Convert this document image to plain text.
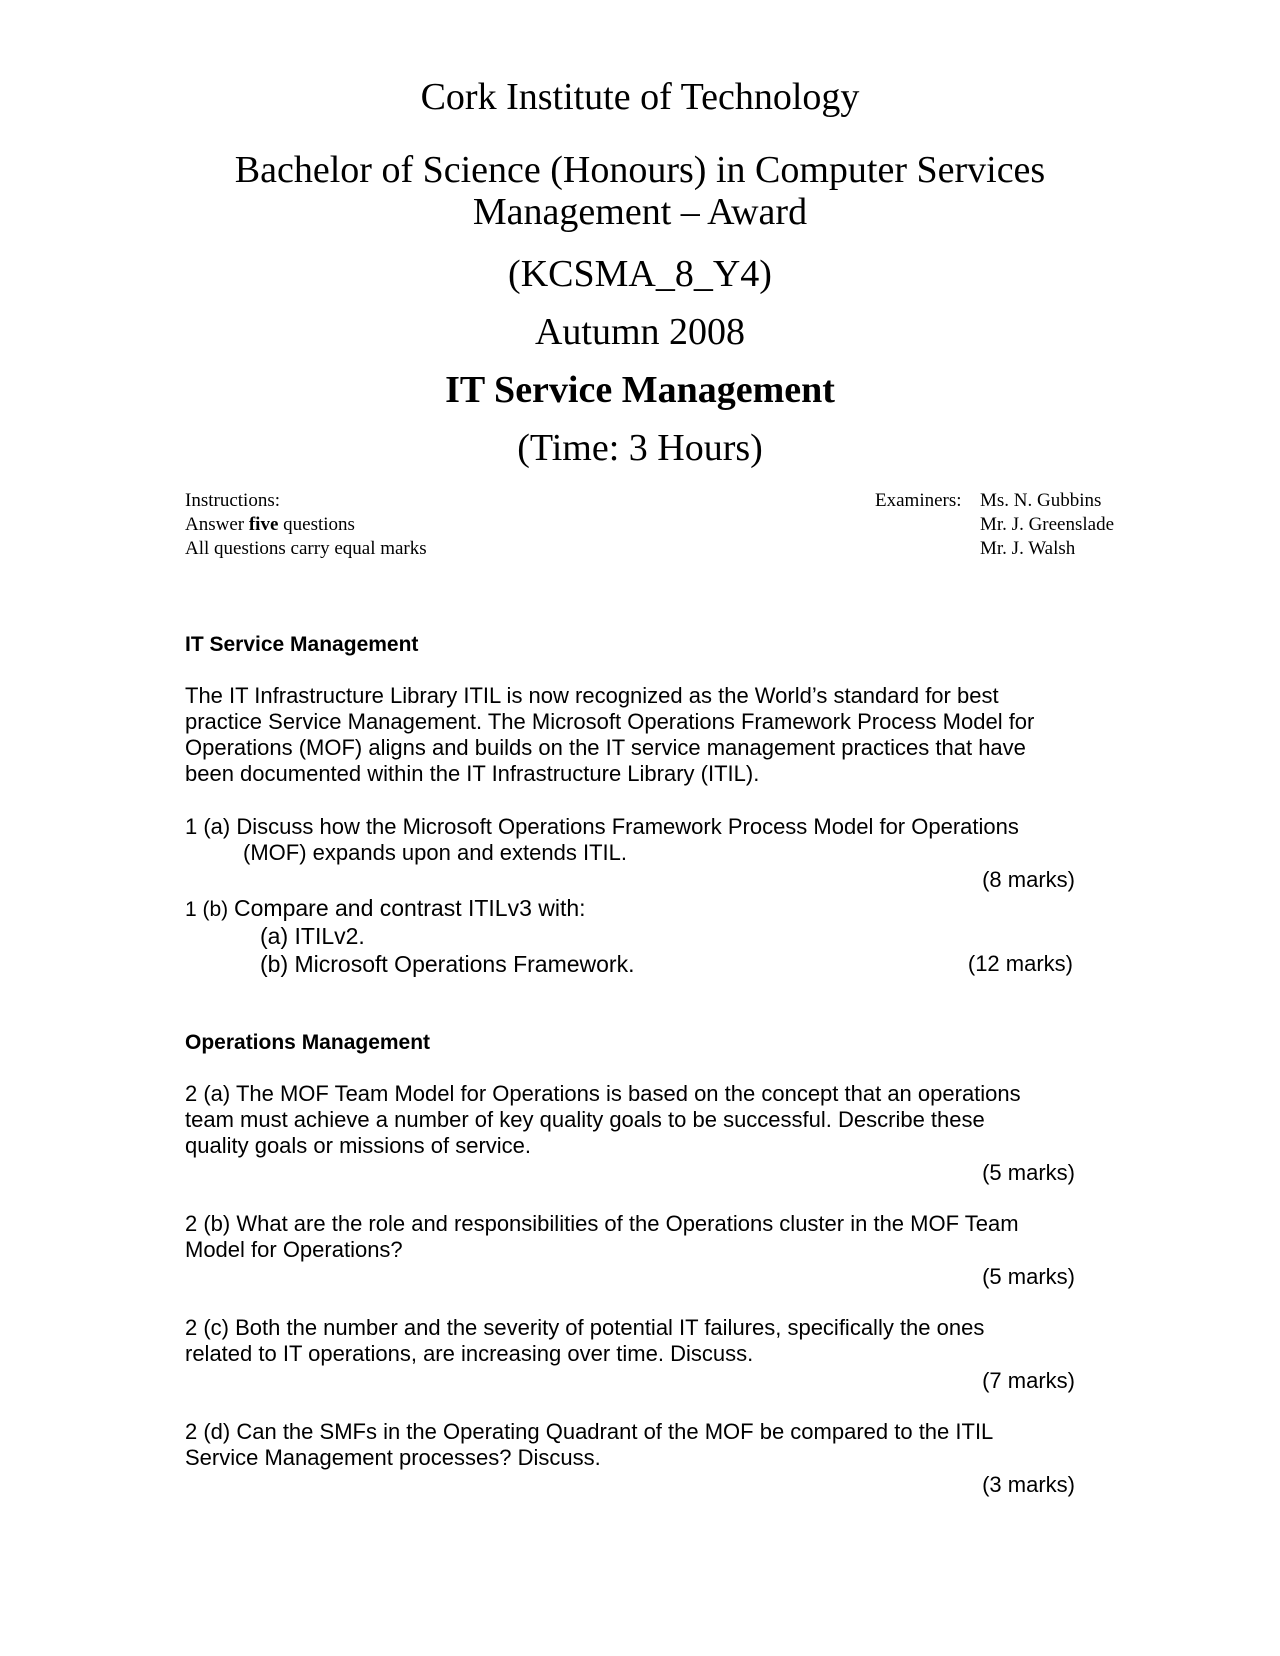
Cork Institute of Technology
Bachelor of Science (Honours) in Computer Services
Management – Award
(KCSMA_8_Y4)
Autumn 2008
IT Service Management
(Time: 3 Hours)
Instructions:
Answer five questions
All questions carry equal marks
Examiners: Ms. N. Gubbins
Mr. J. Greenslade
Mr. J. Walsh
IT Service Management
The IT Infrastructure Library ITIL is now recognized as the World’s standard for best
practice Service Management. The Microsoft Operations Framework Process Model for
Operations (MOF) aligns and builds on the IT service management practices that have
been documented within the IT Infrastructure Library (ITIL).
1 (a) Discuss how the Microsoft Operations Framework Process Model for Operations
(MOF) expands upon and extends ITIL.
(8 marks)
1 (b) Compare and contrast ITILv3 with:
(a) ITILv2.
(b) Microsoft Operations Framework.	(12 marks)
Operations Management
2 (a) The MOF Team Model for Operations is based on the concept that an operations
team must achieve a number of key quality goals to be successful. Describe these
quality goals or missions of service.
(5 marks)
2 (b) What are the role and responsibilities of the Operations cluster in the MOF Team
Model for Operations?
(5 marks)
2 (c) Both the number and the severity of potential IT failures, specifically the ones
related to IT operations, are increasing over time. Discuss.
(7 marks)
2 (d) Can the SMFs in the Operating Quadrant of the MOF be compared to the ITIL
Service Management processes? Discuss.
(3 marks)
